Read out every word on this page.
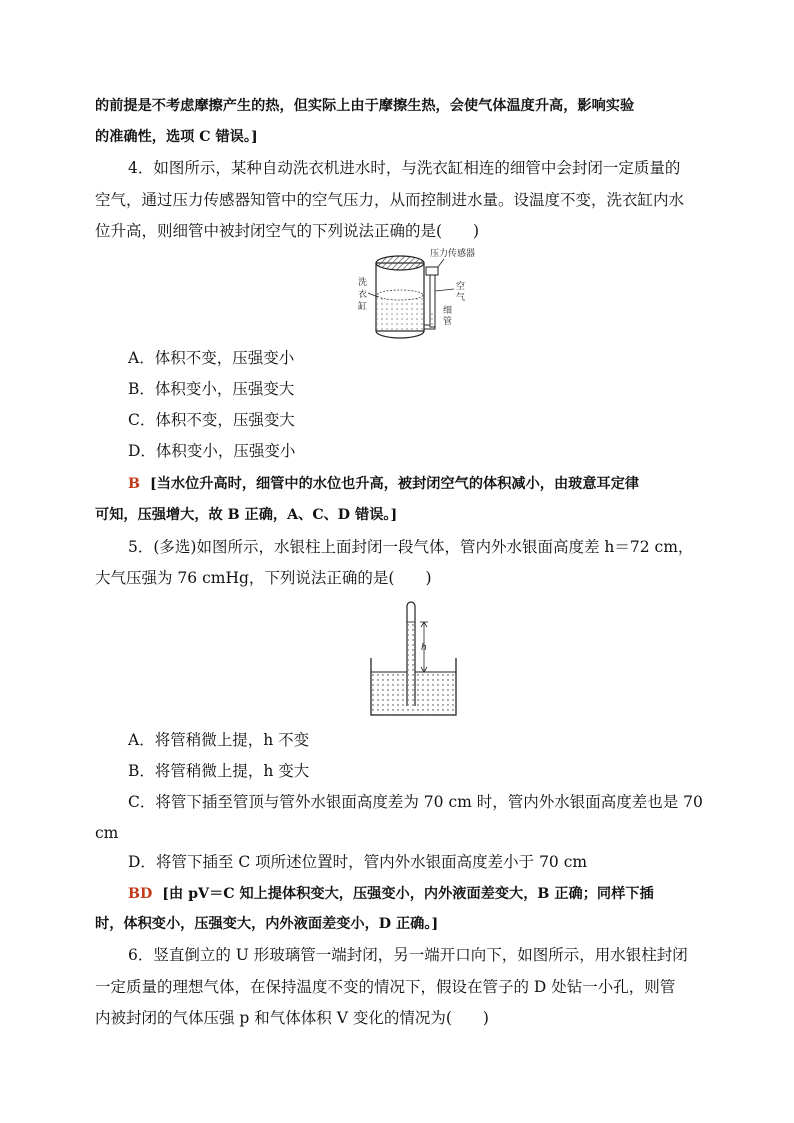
的前提是不考虑摩擦产生的热，但实际上由于摩擦生热，会使气体温度升高，影响实验
的准确性，选项 C 错误。]
4．如图所示，某种自动洗衣机进水时，与洗衣缸相连的细管中会封闭一定质量的
空气，通过压力传感器知管中的空气压力，从而控制进水量。设温度不变，洗衣缸内水
位升高，则细管中被封闭空气的下列说法正确的是(　　)
压力传感器
洗
衣
缸
空
气
细
管
A．体积不变，压强变小
B．体积变小，压强变大
C．体积不变，压强变大
D．体积变小，压强变小
B [当水位升高时，细管中的水位也升高，被封闭空气的体积减小，由玻意耳定律
可知，压强增大，故 B 正确，A、C、D 错误。]
5．(多选)如图所示，水银柱上面封闭一段气体，管内外水银面高度差 h＝72 cm，
大气压强为 76 cmHg，下列说法正确的是(　　)
h
A．将管稍微上提，h 不变
B．将管稍微上提，h 变大
C．将管下插至管顶与管外水银面高度差为 70 cm 时，管内外水银面高度差也是 70
cm
D．将管下插至 C 项所述位置时，管内外水银面高度差小于 70 cm
BD [由 pV＝C 知上提体积变大，压强变小，内外液面差变大，B 正确；同样下插
时，体积变小，压强变大，内外液面差变小，D 正确。]
6．竖直倒立的 U 形玻璃管一端封闭，另一端开口向下，如图所示，用水银柱封闭
一定质量的理想气体，在保持温度不变的情况下，假设在管子的 D 处钻一小孔，则管
内被封闭的气体压强 p 和气体体积 V 变化的情况为(　　)
